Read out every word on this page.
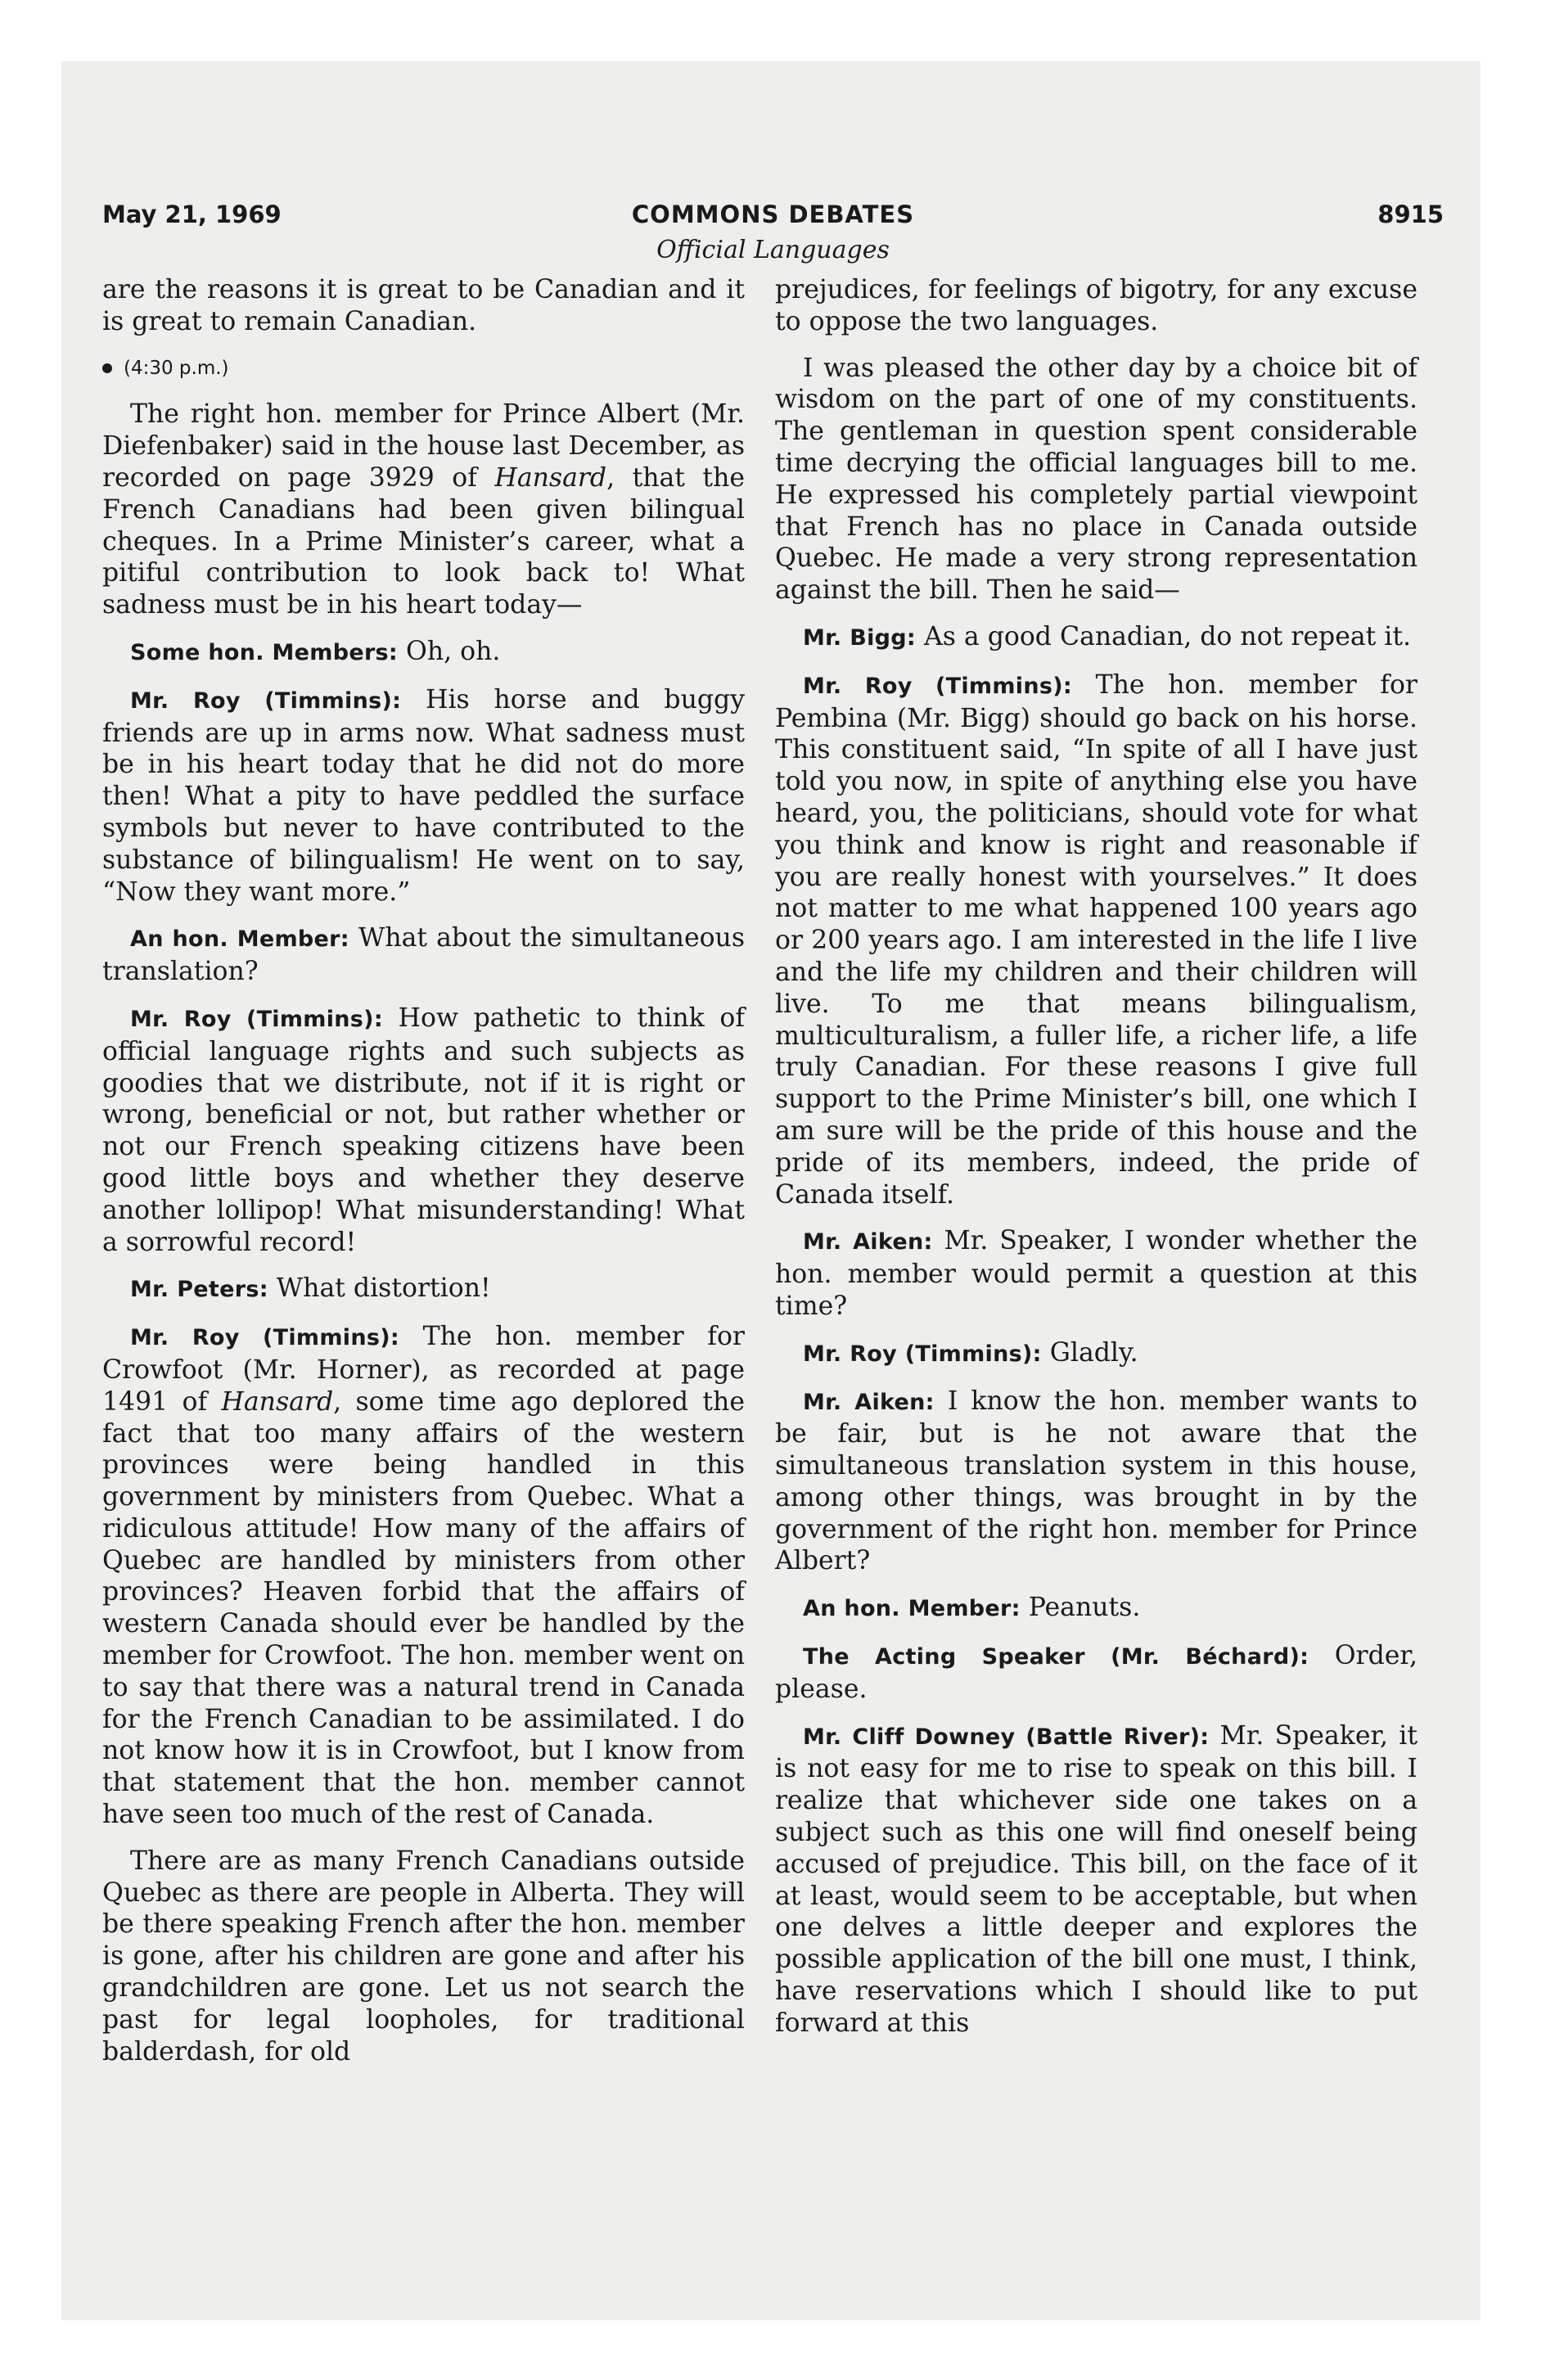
May 21, 1969	COMMONS DEBATES	8915
Official Languages

are the reasons it is great to be Canadian and it is great to remain Canadian.

(4:30 p.m.)

The right hon. member for Prince Albert (Mr. Diefenbaker) said in the house last December, as recorded on page 3929 of Hansard, that the French Canadians had been given bilingual cheques. In a Prime Minister’s career, what a pitiful contribution to look back to! What sadness must be in his heart today—

Some hon. Members: Oh, oh.

Mr. Roy (Timmins): His horse and buggy friends are up in arms now. What sadness must be in his heart today that he did not do more then! What a pity to have peddled the surface symbols but never to have contributed to the substance of bilingualism! He went on to say, “Now they want more.”

An hon. Member: What about the simultaneous translation?

Mr. Roy (Timmins): How pathetic to think of official language rights and such subjects as goodies that we distribute, not if it is right or wrong, beneficial or not, but rather whether or not our French speaking citizens have been good little boys and whether they deserve another lollipop! What misunderstanding! What a sorrowful record!

Mr. Peters: What distortion!

Mr. Roy (Timmins): The hon. member for Crowfoot (Mr. Horner), as recorded at page 1491 of Hansard, some time ago deplored the fact that too many affairs of the western provinces were being handled in this government by ministers from Quebec. What a ridiculous attitude! How many of the affairs of Quebec are handled by ministers from other provinces? Heaven forbid that the affairs of western Canada should ever be handled by the member for Crowfoot. The hon. member went on to say that there was a natural trend in Canada for the French Canadian to be assimilated. I do not know how it is in Crowfoot, but I know from that statement that the hon. member cannot have seen too much of the rest of Canada.

There are as many French Canadians outside Quebec as there are people in Alberta. They will be there speaking French after the hon. member is gone, after his children are gone and after his grandchildren are gone. Let us not search the past for legal loopholes, for traditional balderdash, for old

prejudices, for feelings of bigotry, for any excuse to oppose the two languages.

I was pleased the other day by a choice bit of wisdom on the part of one of my constituents. The gentleman in question spent considerable time decrying the official languages bill to me. He expressed his completely partial viewpoint that French has no place in Canada outside Quebec. He made a very strong representation against the bill. Then he said—

Mr. Bigg: As a good Canadian, do not repeat it.

Mr. Roy (Timmins): The hon. member for Pembina (Mr. Bigg) should go back on his horse. This constituent said, “In spite of all I have just told you now, in spite of anything else you have heard, you, the politicians, should vote for what you think and know is right and reasonable if you are really honest with yourselves.” It does not matter to me what happened 100 years ago or 200 years ago. I am interested in the life I live and the life my children and their children will live. To me that means bilingualism, multiculturalism, a fuller life, a richer life, a life truly Canadian. For these reasons I give full support to the Prime Minister’s bill, one which I am sure will be the pride of this house and the pride of its members, indeed, the pride of Canada itself.

Mr. Aiken: Mr. Speaker, I wonder whether the hon. member would permit a question at this time?

Mr. Roy (Timmins): Gladly.

Mr. Aiken: I know the hon. member wants to be fair, but is he not aware that the simultaneous translation system in this house, among other things, was brought in by the government of the right hon. member for Prince Albert?

An hon. Member: Peanuts.

The Acting Speaker (Mr. Béchard): Order, please.

Mr. Cliff Downey (Battle River): Mr. Speaker, it is not easy for me to rise to speak on this bill. I realize that whichever side one takes on a subject such as this one will find oneself being accused of prejudice. This bill, on the face of it at least, would seem to be acceptable, but when one delves a little deeper and explores the possible application of the bill one must, I think, have reservations which I should like to put forward at this
